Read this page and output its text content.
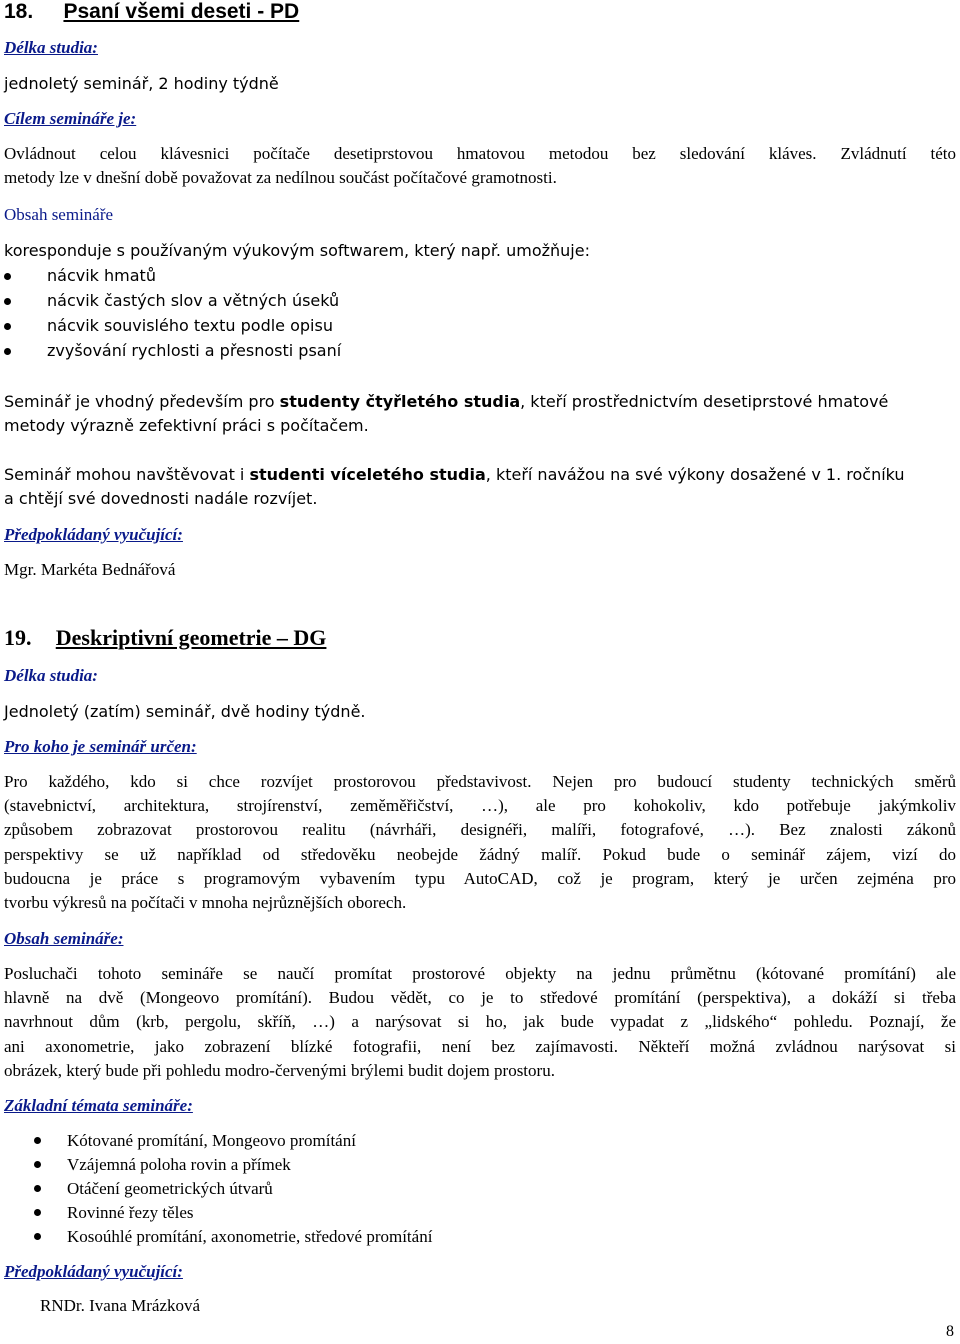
18. Psaní všemi deseti - PD
Délka studia:
jednoletý seminář, 2 hodiny týdně
Cílem semináře je:
Ovládnout celou klávesnici počítače desetiprstovou hmatovou metodou bez sledování kláves. Zvládnutí této
metody lze v dnešní době považovat za nedílnou součást počítačové gramotnosti.
Obsah semináře
koresponduje s používaným výukovým softwarem, který např. umožňuje:
nácvik hmatů
nácvik častých slov a větných úseků
nácvik souvislého textu podle opisu
zvyšování rychlosti a přesnosti psaní
Seminář je vhodný především pro studenty čtyřletého studia, kteří prostřednictvím desetiprstové hmatové
metody výrazně zefektivní práci s počítačem.
Seminář mohou navštěvovat i studenti víceletého studia, kteří navážou na své výkony dosažené v 1. ročníku
a chtějí své dovednosti nadále rozvíjet.
Předpokládaný vyučující:
Mgr. Markéta Bednářová
19. Deskriptivní geometrie – DG
Délka studia:
Jednoletý (zatím) seminář, dvě hodiny týdně.
Pro koho je seminář určen:
Pro každého, kdo si chce rozvíjet prostorovou představivost. Nejen pro budoucí studenty technických směrů
(stavebnictví, architektura, strojírenství, zeměměřičství, …), ale pro kohokoliv, kdo potřebuje jakýmkoliv
způsobem zobrazovat prostorovou realitu (návrháři, designéři, malíři, fotografové, …). Bez znalosti zákonů
perspektivy se už například od středověku neobejde žádný malíř. Pokud bude o seminář zájem, vizí do
budoucna je práce s programovým vybavením typu AutoCAD, což je program, který je určen zejména pro
tvorbu výkresů na počítači v mnoha nejrůznějších oborech.
Obsah semináře:
Posluchači tohoto semináře se naučí promítat prostorové objekty na jednu průmětnu (kótované promítání) ale
hlavně na dvě (Mongeovo promítání). Budou vědět, co je to středové promítání (perspektiva), a dokáží si třeba
navrhnout dům (krb, pergolu, skříň, …) a narýsovat si ho, jak bude vypadat z „lidského“ pohledu. Poznají, že
ani axonometrie, jako zobrazení blízké fotografii, není bez zajímavosti. Někteří možná zvládnou narýsovat si
obrázek, který bude při pohledu modro-červenými brýlemi budit dojem prostoru.
Základní témata semináře:
Kótované promítání, Mongeovo promítání
Vzájemná poloha rovin a přímek
Otáčení geometrických útvarů
Rovinné řezy těles
Kosoúhlé promítání, axonometrie, středové promítání
Předpokládaný vyučující:
RNDr. Ivana Mrázková
8
